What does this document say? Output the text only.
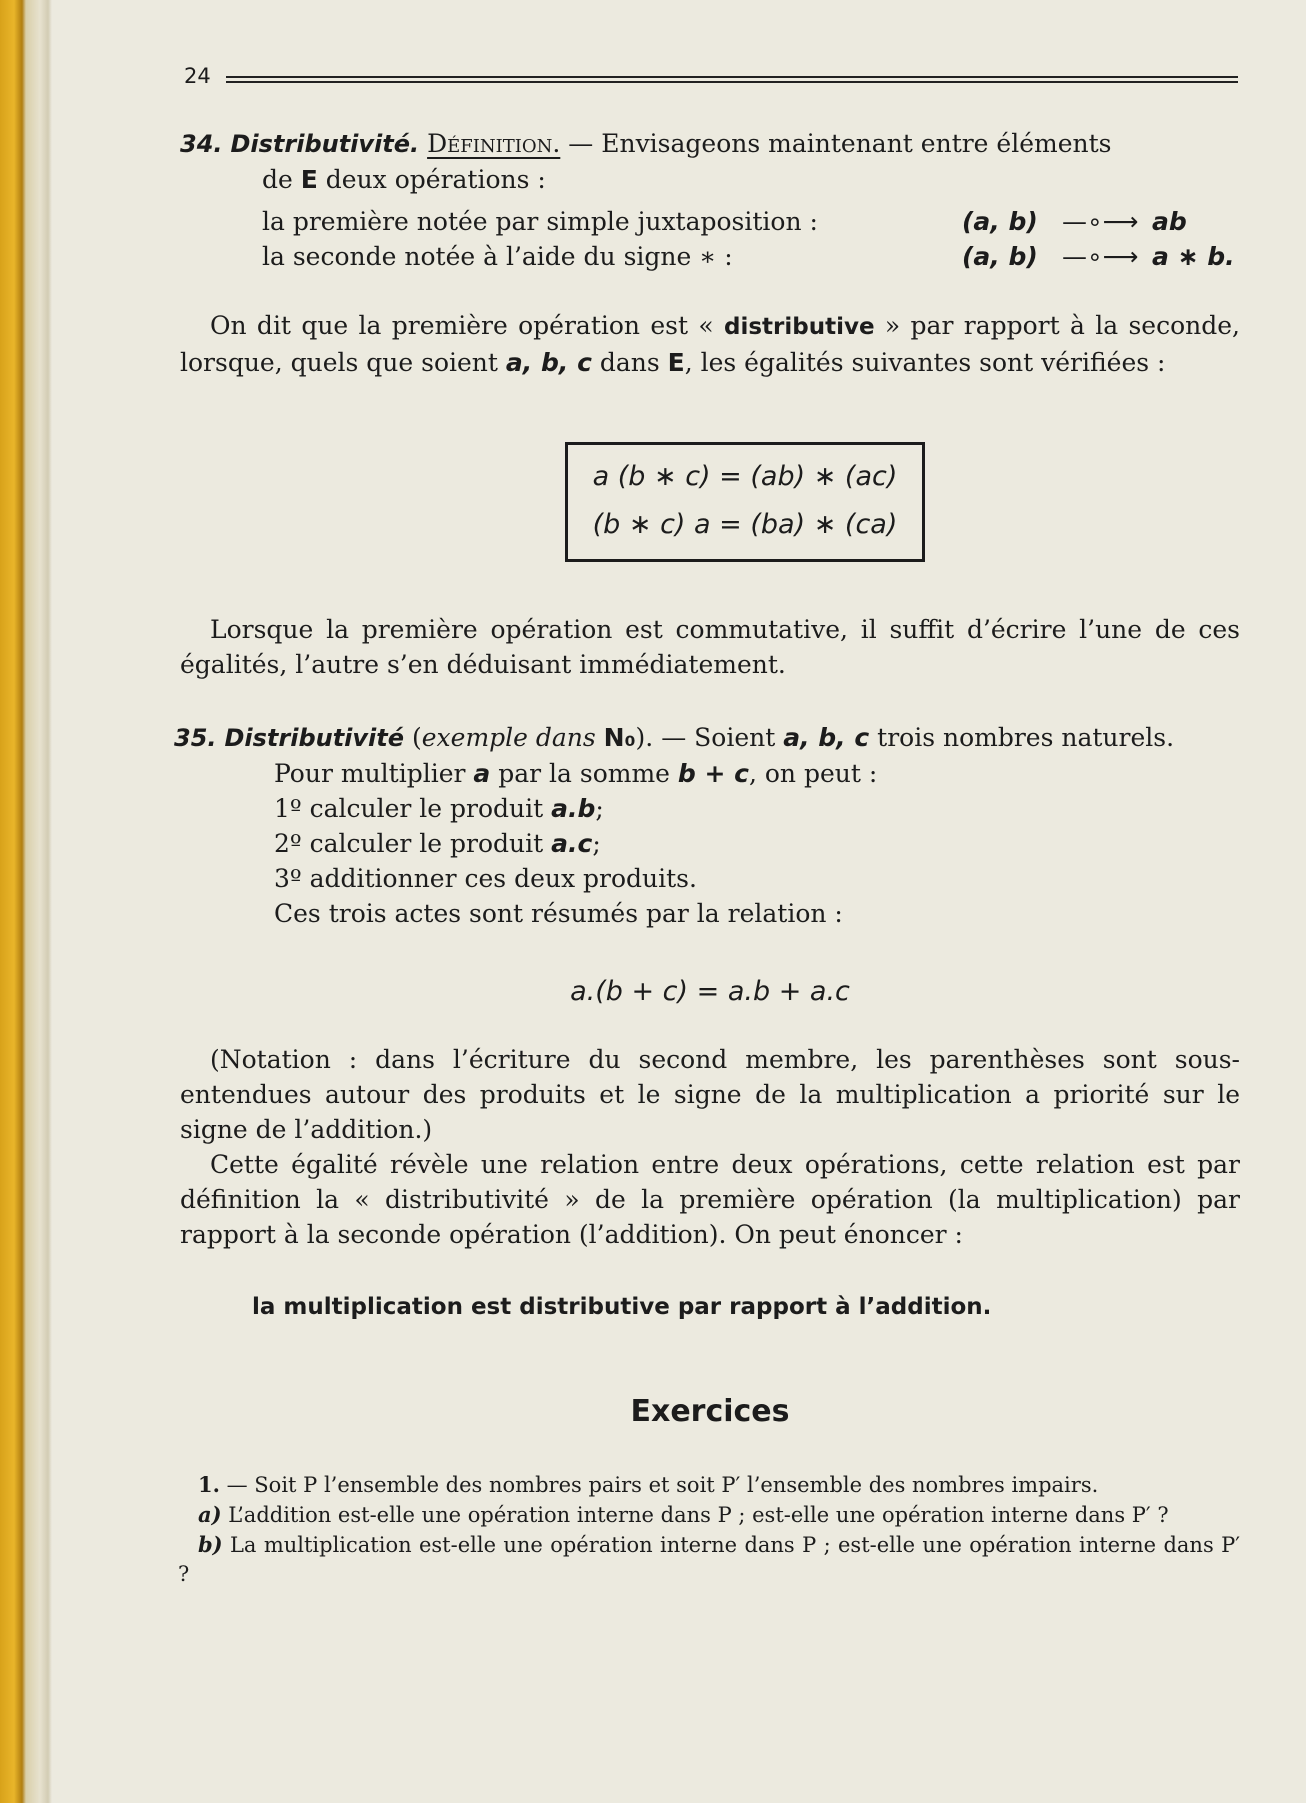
24

34. Distributivité. Définition. — Envisageons maintenant entre éléments

de E deux opérations :

la première notée par simple juxtaposition :	(a, b) —∘⟶ ab
la seconde notée à l’aide du signe ∗ :	(a, b) —∘⟶ a ∗ b.

On dit que la première opération est « distributive » par rapport à la seconde, lorsque, quels que soient a, b, c dans E, les égalités suivantes sont vérifiées :

a (b ∗ c) = (ab) ∗ (ac)
(b ∗ c) a = (ba) ∗ (ca)

Lorsque la première opération est commutative, il suffit d’écrire l’une de ces égalités, l’autre s’en déduisant immédiatement.

35. Distributivité (exemple dans N₀). — Soient a, b, c trois nombres naturels.

Pour multiplier a par la somme b + c, on peut :

1º calculer le produit a.b;

2º calculer le produit a.c;

3º additionner ces deux produits.

Ces trois actes sont résumés par la relation :

a.(b + c) = a.b + a.c

(Notation : dans l’écriture du second membre, les parenthèses sont sous-entendues autour des produits et le signe de la multiplication a priorité sur le signe de l’addition.)

Cette égalité révèle une relation entre deux opérations, cette relation est par définition la « distributivité » de la première opération (la multiplication) par rapport à la seconde opération (l’addition). On peut énoncer :

la multiplication est distributive par rapport à l’addition.
Exercices

1. — Soit P l’ensemble des nombres pairs et soit P′ l’ensemble des nombres impairs.

a) L’addition est-elle une opération interne dans P ; est-elle une opération interne dans P′ ?

b) La multiplication est-elle une opération interne dans P ; est-elle une opération interne dans P′ ?
